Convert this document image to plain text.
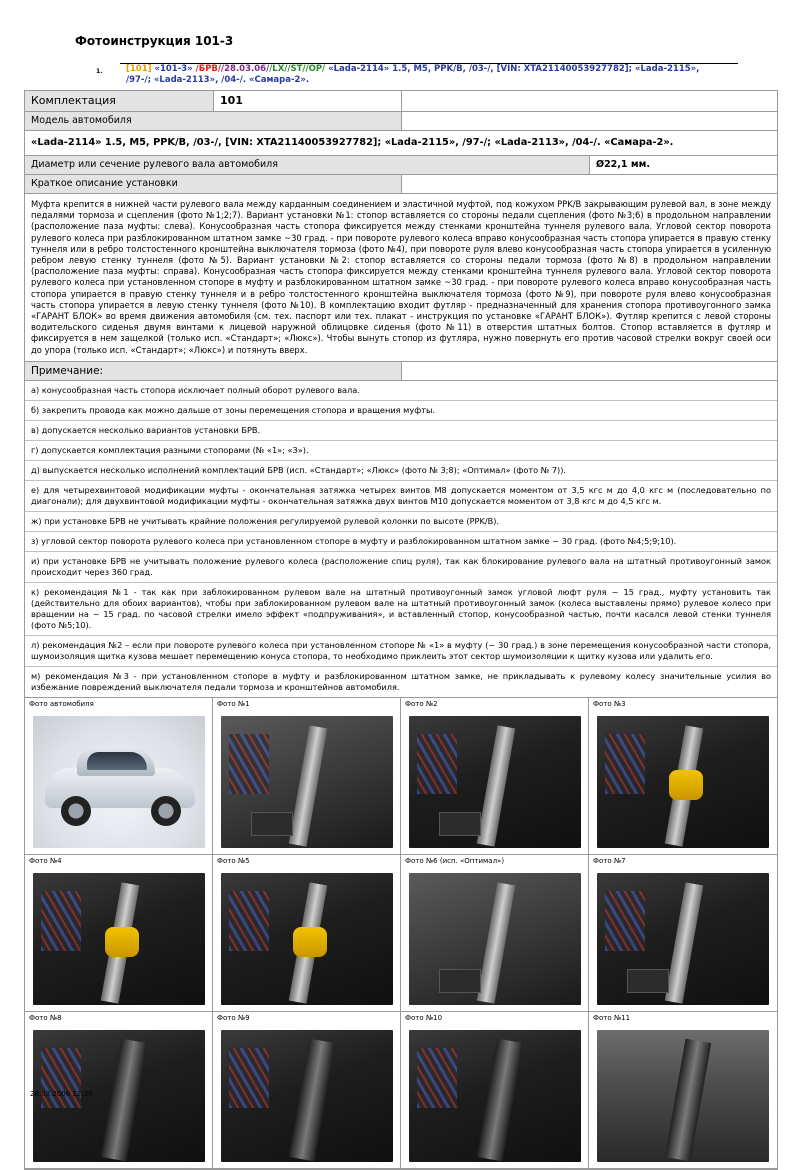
Фотоинструкция 101-3
1.	[101] «101-3» /БРВ//28.03.06//LX//ST//OP/ «Lada-2114» 1.5, M5, PPK/B, /03-/, [VIN: XTA21140053927782]; «Lada-2115», /97-/; «Lada-2113», /04-/. «Самара-2».
Комплектация	101
Модель автомобиля
«Lada-2114» 1.5, M5, PPK/B, /03-/, [VIN: XTA21140053927782]; «Lada-2115», /97-/; «Lada-2113», /04-/. «Самара-2».
Диаметр или сечение рулевого вала автомобиля	Ø22,1 мм.
Краткое описание установки
Муфта крепится в нижней части рулевого вала между карданным соединением и эластичной муфтой, под кожухом PPK/B закрывающим рулевой вал, в зоне между педалями тормоза и сцепления (фото №1;2;7). Вариант установки №1: стопор вставляется со стороны педали сцепления (фото №3;6) в продольном направлении (расположение паза муфты: слева). Конусообразная часть стопора фиксируется между стенками кронштейна туннеля рулевого вала. Угловой сектор поворота рулевого колеса при разблокированном штатном замке ~30 град. - при повороте рулевого колеса вправо конусообразная часть стопора упирается в правую стенку туннеля или в ребро толстостенного кронштейна выключателя тормоза (фото №4), при повороте руля влево конусообразная часть стопора упирается в усиленную ребром левую стенку туннеля (фото №5). Вариант установки №2: стопор вставляется со стороны педали тормоза (фото №8) в продольном направлении (расположение паза муфты: справа). Конусообразная часть стопора фиксируется между стенками кронштейна туннеля рулевого вала. Угловой сектор поворота рулевого колеса при установленном стопоре в муфту и разблокированном штатном замке ~30 град. - при повороте рулевого колеса вправо конусообразная часть стопора упирается в правую стенку туннеля и в ребро толстостенного кронштейна выключателя тормоза (фото №9), при повороте руля влево конусообразная часть стопора упирается в левую стенку туннеля (фото №10). В комплектацию входит футляр - предназначенный для хранения стопора противоугонного замка «ГАРАНТ БЛОК» во время движения автомобиля (см. тех. паспорт или тех. плакат - инструкция по установке «ГАРАНТ БЛОК»). Футляр крепится с левой стороны водительского сиденья двумя винтами к лицевой наружной облицовке сиденья (фото №11) в отверстия штатных болтов. Стопор вставляется в футляр и фиксируется в нем защелкой (только исп. «Стандарт»; «Люкс»). Чтобы вынуть стопор из футляра, нужно повернуть его против часовой стрелки вокруг своей оси до упора (только исп. «Стандарт»; «Люкс») и потянуть вверх.
Примечание:
а) конусообразная часть стопора исключает полный оборот рулевого вала.
б) закрепить провода как можно дальше от зоны перемещения стопора и вращения муфты.
в) допускается несколько вариантов установки БРВ.
г) допускается комплектация разными стопорами (№ «1»; «3»).
д) выпускается несколько исполнений комплектаций БРВ (исп. «Стандарт»; «Люкс» (фото № 3;8); «Оптимал» (фото № 7)).
е) для четырехвинтовой модификации муфты - окончательная затяжка четырех винтов М8 допускается моментом от 3,5 кгс м до 4,0 кгс м (последовательно по диагонали); для двухвинтовой модификации муфты - окончательная затяжка двух винтов М10 допускается моментом от 3,8 кгс м до 4,5 кгс м.
ж) при установке БРВ не учитывать крайние положения регулируемой рулевой колонки по высоте (PPK/B).
з) угловой сектор поворота рулевого колеса при установленном стопоре в муфту и разблокированном штатном замке ~ 30 град. (фото №4;5;9;10).
и) при установке БРВ не учитывать положение рулевого колеса (расположение спиц руля), так как блокирование рулевого вала на штатный противоугонный замок происходит через 360 град.
к) рекомендация №1 - так как при заблокированном рулевом вале на штатный противоугонный замок угловой люфт руля ~ 15 град., муфту установить так (действительно для обоих вариантов), чтобы при заблокированном рулевом вале на штатный противоугонный замок (колеса выставлены прямо) рулевое колесо при вращении на ~ 15 град. по часовой стрелки имело эффект «подпруживания», и вставленный стопор, конусообразной частью, почти касался левой стенки туннеля (фото №5;10).
л) рекомендация №2 – если при повороте рулевого колеса при установленном стопоре № «1» в муфту (~ 30 град.) в зоне перемещения конусообразной части стопора, шумоизоляция щитка кузова мешает перемещению конуса стопора, то необходимо приклеить этот сектор шумоизоляции к щитку кузова или удалить его.
м) рекомендация №3 - при установленном стопоре в муфту и разблокированном штатном замке, не прикладывать к рулевому колесу значительные усилия во избежание повреждений выключателя педали тормоза и кронштейнов автомобиля.
Фото автомобиля	Фото №1	Фото №2	Фото №3
Фото №4	Фото №5	Фото №6 (исп. «Оптимал»)	Фото №7
Фото №8	Фото №9	Фото №10	Фото №11
28.03.2006 12:30
